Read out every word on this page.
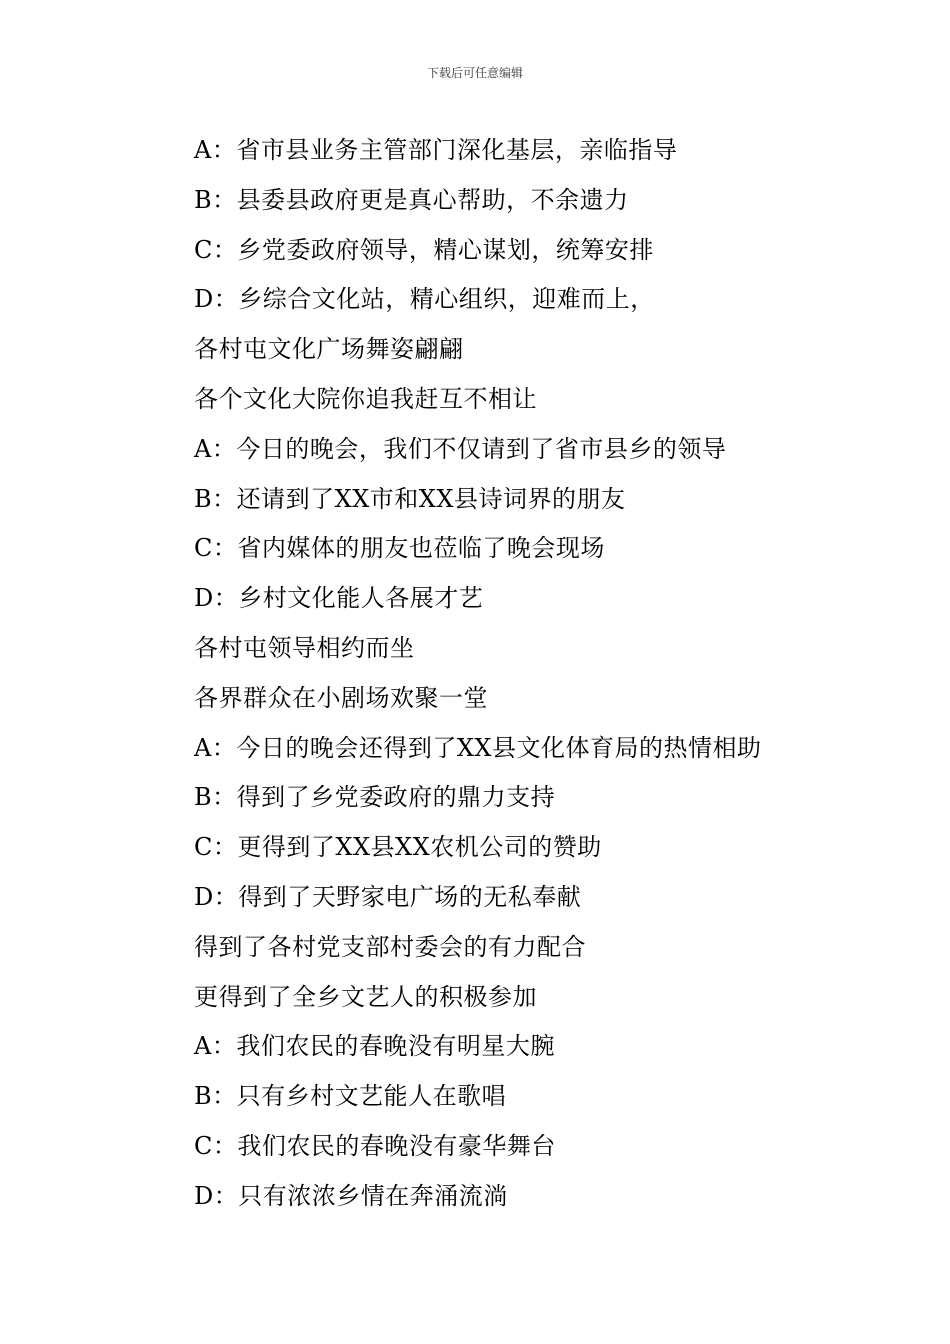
下载后可任意编辑
A：省市县业务主管部门深化基层，亲临指导
B：县委县政府更是真心帮助，不余遗力
C：乡党委政府领导，精心谋划，统筹安排
D：乡综合文化站，精心组织，迎难而上，
各村屯文化广场舞姿翩翩
各个文化大院你追我赶互不相让
A：今日的晚会，我们不仅请到了省市县乡的领导
B：还请到了XX市和XX县诗词界的朋友
C：省内媒体的朋友也莅临了晚会现场
D：乡村文化能人各展才艺
各村屯领导相约而坐
各界群众在小剧场欢聚一堂
A：今日的晚会还得到了XX县文化体育局的热情相助
B：得到了乡党委政府的鼎力支持
C：更得到了XX县XX农机公司的赞助
D：得到了天野家电广场的无私奉献
得到了各村党支部村委会的有力配合
更得到了全乡文艺人的积极参加
A：我们农民的春晚没有明星大腕
B：只有乡村文艺能人在歌唱
C：我们农民的春晚没有豪华舞台
D：只有浓浓乡情在奔涌流淌
